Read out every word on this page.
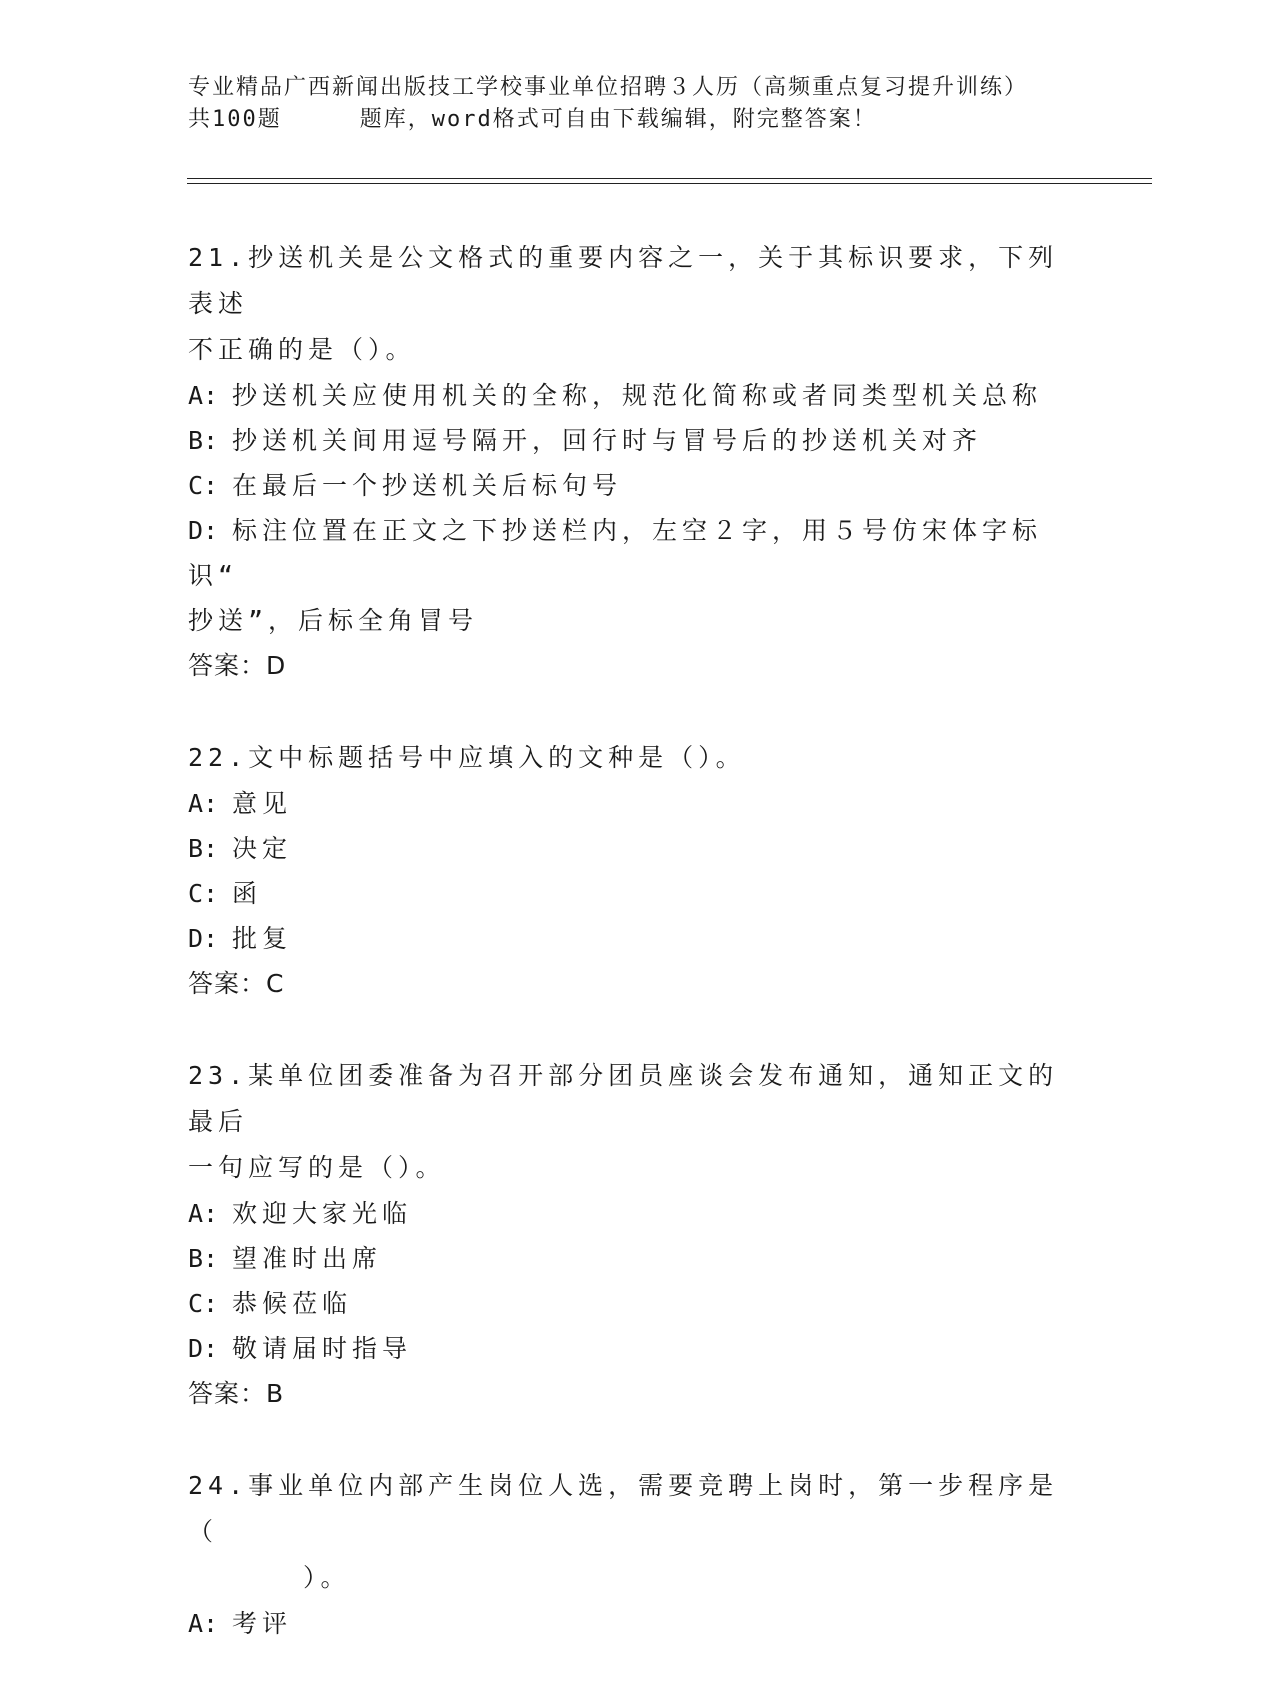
专业精品广西新闻出版技工学校事业单位招聘３人历（高频重点复习提升训练）
共100题	题库，word格式可自由下载编辑，附完整答案！
21.抄送机关是公文格式的重要内容之一，关于其标识要求，下列表述
不正确的是（）。
A: 抄送机关应使用机关的全称，规范化简称或者同类型机关总称
B: 抄送机关间用逗号隔开，回行时与冒号后的抄送机关对齐
C: 在最后一个抄送机关后标句号
D: 标注位置在正文之下抄送栏内，左空２字，用５号仿宋体字标识“
抄送”，后标全角冒号
答案：D
22.文中标题括号中应填入的文种是（）。
A: 意见
B: 决定
C: 函
D: 批复
答案：C
23.某单位团委准备为召开部分团员座谈会发布通知，通知正文的最后
一句应写的是（）。
A: 欢迎大家光临
B: 望准时出席
C: 恭候莅临
D: 敬请届时指导
答案：B
24.事业单位内部产生岗位人选，需要竞聘上岗时，第一步程序是（
）。
A: 考评
